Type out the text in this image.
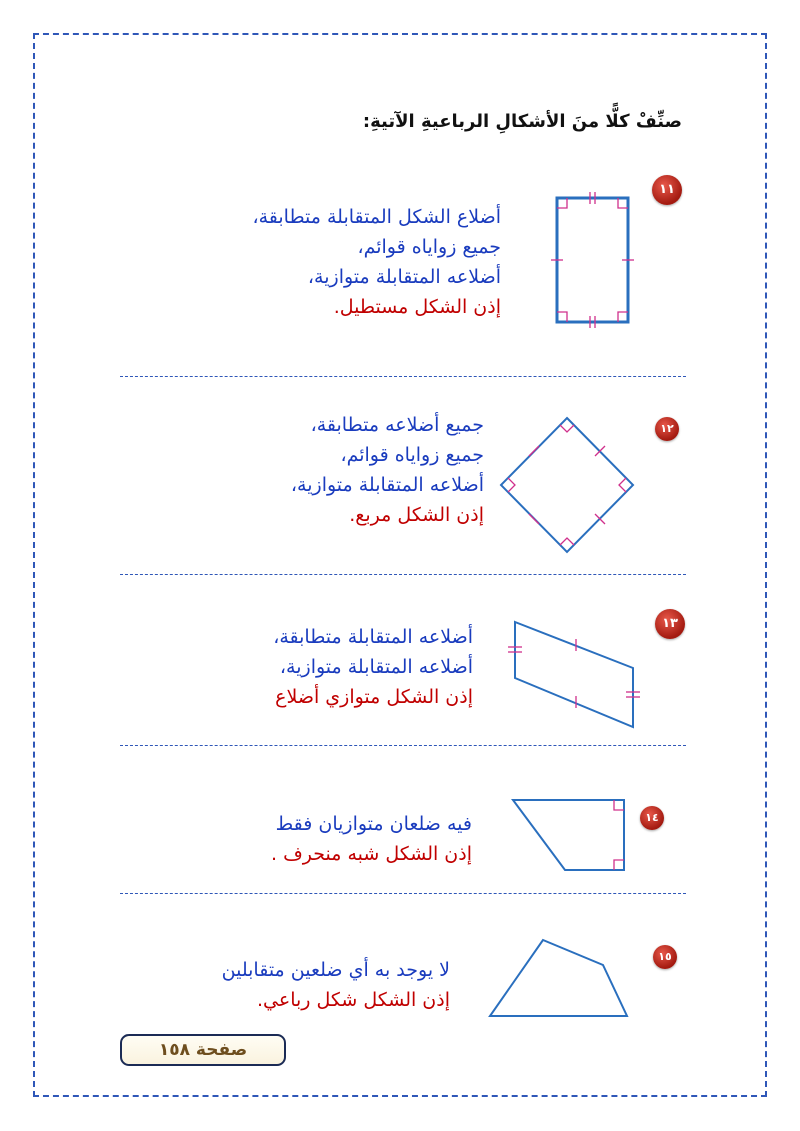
صنِّفْ كلًّا منَ الأشكالِ الرباعيةِ الآتيةِ:
١١
أضلاع الشكل المتقابلة متطابقة،
جميع زواياه قوائم،
أضلاعه المتقابلة متوازية،
إذن الشكل مستطيل.
١٢
جميع أضلاعه متطابقة،
جميع زواياه قوائم،
أضلاعه المتقابلة متوازية،
إذن الشكل مربع.
١٣
أضلاعه المتقابلة متطابقة،
أضلاعه المتقابلة متوازية،
إذن الشكل متوازي أضلاع
١٤
فيه ضلعان متوازيان فقط
إذن الشكل شبه منحرف .
١٥
لا يوجد به أي ضلعين متقابلين
إذن الشكل شكل رباعي.
صفحة ١٥٨
